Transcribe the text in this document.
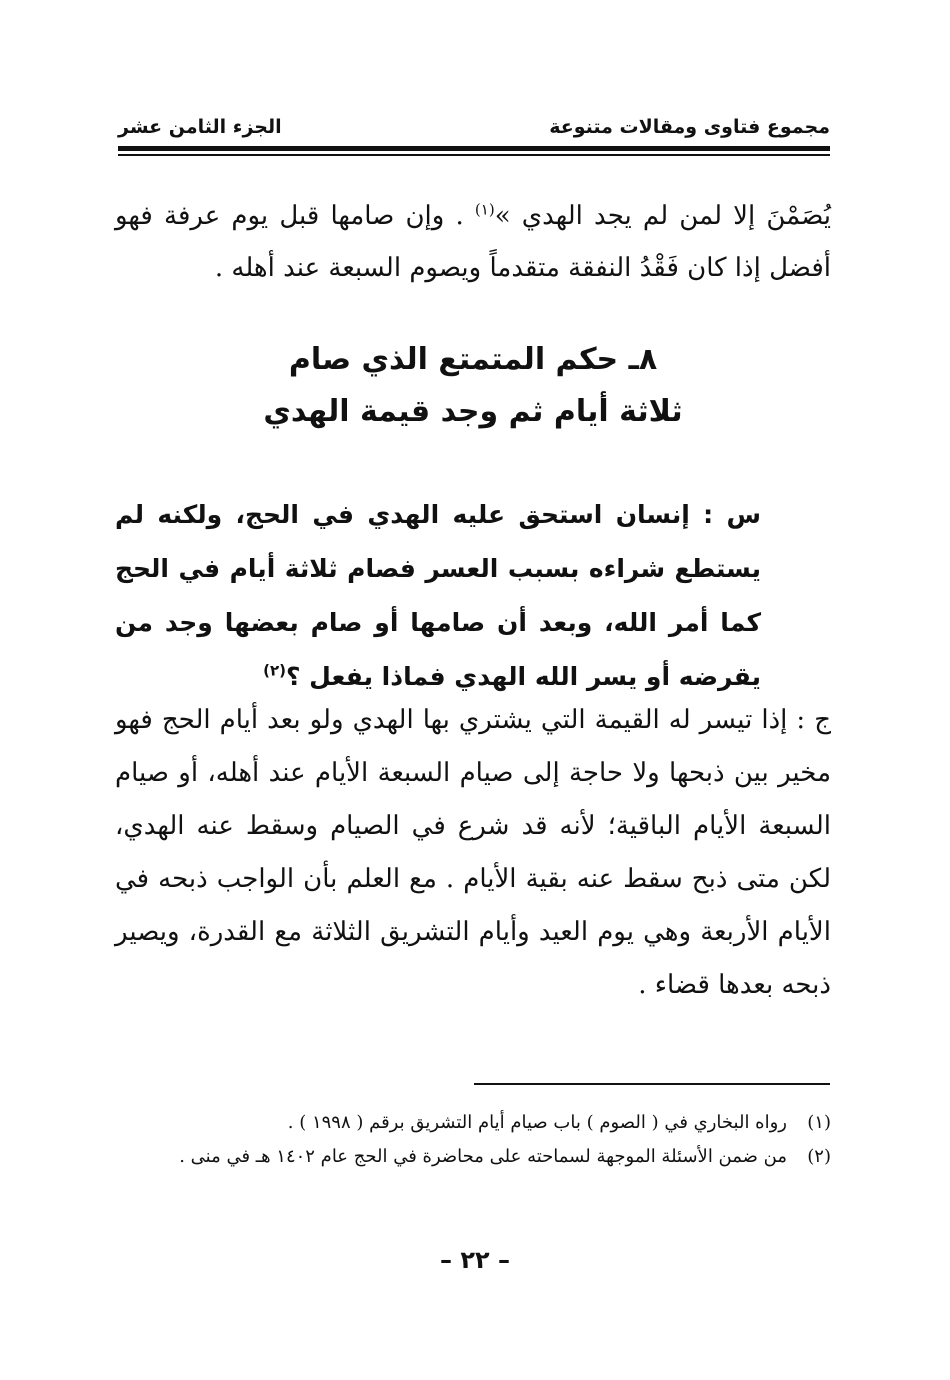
مجموع فتاوى ومقالات متنوعة
الجزء الثامن عشر

يُصَمْنَ إلا لمن لم يجد الهدي »$^{(١)}$ . وإن صامها قبل يوم عرفة فهو أفضل إذا كان فَقْدُ النفقة متقدماً ويصوم السبعة عند أهله .

٨ـ حكم المتمتع الذي صام
ثلاثة أيام ثم وجد قيمة الهدي

س : إنسان استحق عليه الهدي في الحج، ولكنه لم يستطع شراءه بسبب العسر فصام ثلاثة أيام في الحج كما أمر الله، وبعد أن صامها أو صام بعضها وجد من يقرضه أو يسر الله الهدي فماذا يفعل ؟$^{(٢)}$

ج : إذا تيسر له القيمة التي يشتري بها الهدي ولو بعد أيام الحج فهو مخير بين ذبحها ولا حاجة إلى صيام السبعة الأيام عند أهله، أو صيام السبعة الأيام الباقية؛ لأنه قد شرع في الصيام وسقط عنه الهدي، لكن متى ذبح سقط عنه بقية الأيام . مع العلم بأن الواجب ذبحه في الأيام الأربعة وهي يوم العيد وأيام التشريق الثلاثة مع القدرة، ويصير ذبحه بعدها قضاء .

(١)
رواه البخاري في ( الصوم ) باب صيام أيام التشريق برقم ( ١٩٩٨ ) .
(٢)
من ضمن الأسئلة الموجهة لسماحته على محاضرة في الحج عام ١٤٠٢ هـ في منى .
– ٢٢ –
